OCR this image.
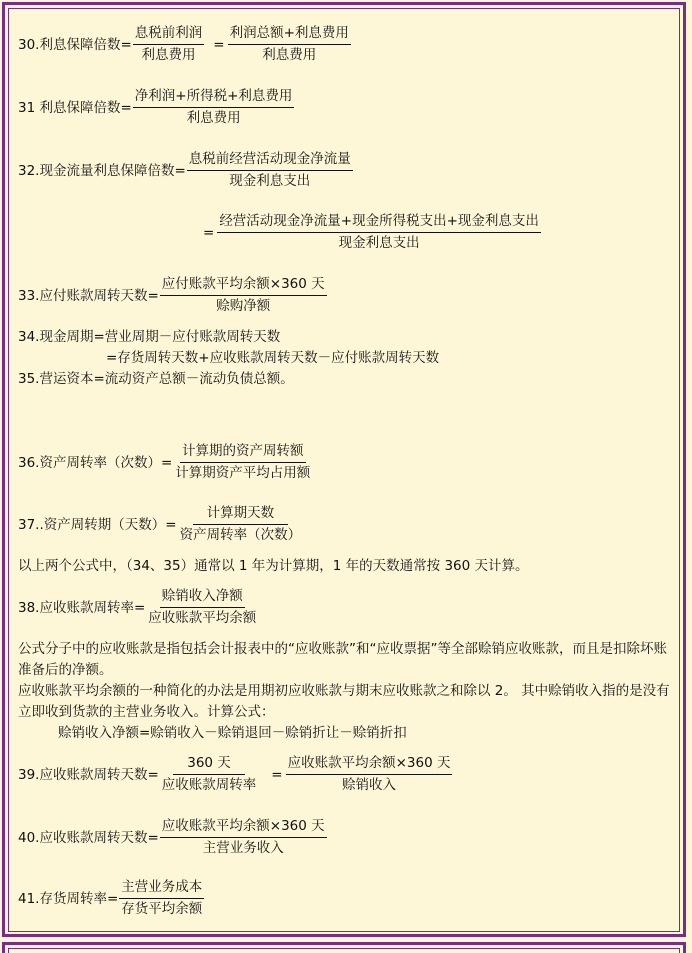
30.利息保障倍数= $\frac{\text{息税前利润}}{\text{利息费用}} = \frac{\text{利润总额+利息费用}}{\text{利息费用}}$
31 利息保障倍数= $\frac{\text{净利润+所得税+利息费用}}{\text{利息费用}}$
32.现金流量利息保障倍数= $\frac{\text{息税前经营活动现金净流量}}{\text{现金利息支出}}$
= $\frac{\text{经营活动现金净流量+现金所得税支出+现金利息支出}}{\text{现金利息支出}}$
33.应付账款周转天数= $\frac{\text{应付账款平均余额×360 天}}{\text{赊购净额}}$
34.现金周期=营业周期－应付账款周转天数
=存货周转天数+应收账款周转天数－应付账款周转天数
35.营运资本=流动资产总额－流动负债总额。
36.资产周转率（次数）= $\frac{\text{计算期的资产周转额}}{\text{计算期资产平均占用额}}$
37..资产周转期（天数）= $\frac{\text{计算期天数}}{\text{资产周转率（次数）}}$
以上两个公式中，（34、35）通常以 1 年为计算期，1 年的天数通常按 360 天计算。
38.应收账款周转率= $\frac{\text{赊销收入净额}}{\text{应收账款平均余额}}$
公式分子中的应收账款是指包括会计报表中的“应收账款”和“应收票据”等全部赊销应收账款，而且是扣除坏账准备后的净额。
应收账款平均余额的一种简化的办法是用期初应收账款与期末应收账款之和除以 2。 其中赊销收入指的是没有立即收到货款的主营业务收入。计算公式：
赊销收入净额=赊销收入－赊销退回－赊销折让－赊销折扣
39.应收账款周转天数= $\frac{\text{360 天}}{\text{应收账款周转率}} = \frac{\text{应收账款平均余额×360 天}}{\text{赊销收入}}$
40.应收账款周转天数= $\frac{\text{应收账款平均余额×360 天}}{\text{主营业务收入}}$
41.存货周转率= $\frac{\text{主营业务成本}}{\text{存货平均余额}}$
